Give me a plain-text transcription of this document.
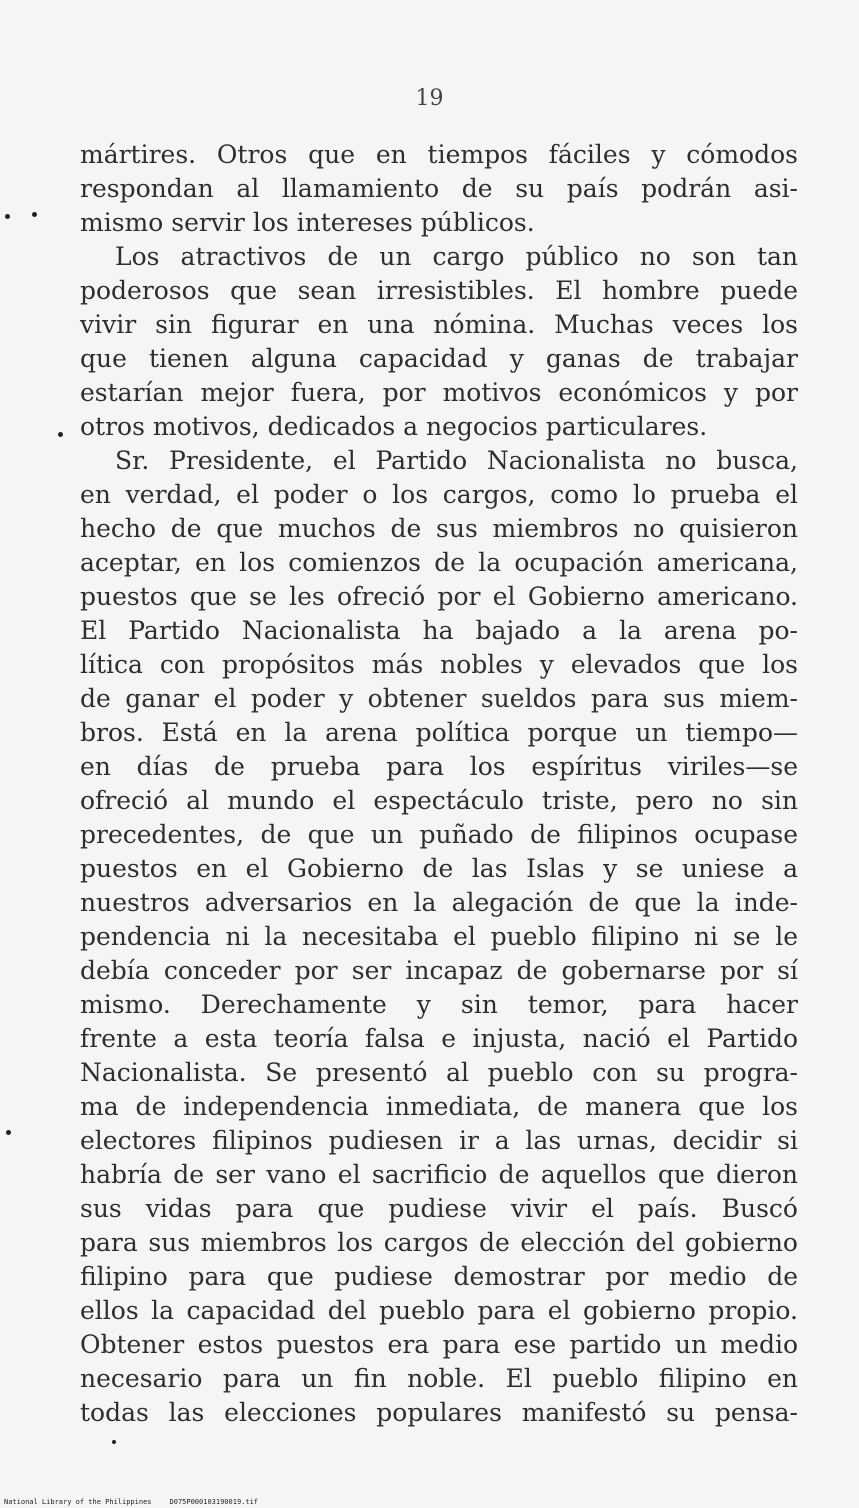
19
mártires. Otros que en tiempos fáciles y cómodos
respondan al llamamiento de su país podrán asi-
mismo servir los intereses públicos.
Los atractivos de un cargo público no son tan
poderosos que sean irresistibles. El hombre puede
vivir sin figurar en una nómina. Muchas veces los
que tienen alguna capacidad y ganas de trabajar
estarían mejor fuera, por motivos económicos y por
otros motivos, dedicados a negocios particulares.
Sr. Presidente, el Partido Nacionalista no busca,
en verdad, el poder o los cargos, como lo prueba el
hecho de que muchos de sus miembros no quisieron
aceptar, en los comienzos de la ocupación americana,
puestos que se les ofreció por el Gobierno americano.
El Partido Nacionalista ha bajado a la arena po-
lítica con propósitos más nobles y elevados que los
de ganar el poder y obtener sueldos para sus miem-
bros. Está en la arena política porque un tiempo—
en días de prueba para los espíritus viriles—se
ofreció al mundo el espectáculo triste, pero no sin
precedentes, de que un puñado de filipinos ocupase
puestos en el Gobierno de las Islas y se uniese a
nuestros adversarios en la alegación de que la inde-
pendencia ni la necesitaba el pueblo filipino ni se le
debía conceder por ser incapaz de gobernarse por sí
mismo. Derechamente y sin temor, para hacer
frente a esta teoría falsa e injusta, nació el Partido
Nacionalista. Se presentó al pueblo con su progra-
ma de independencia inmediata, de manera que los
electores filipinos pudiesen ir a las urnas, decidir si
habría de ser vano el sacrificio de aquellos que dieron
sus vidas para que pudiese vivir el país. Buscó
para sus miembros los cargos de elección del gobierno
filipino para que pudiese demostrar por medio de
ellos la capacidad del pueblo para el gobierno propio.
Obtener estos puestos era para ese partido un medio
necesario para un fin noble. El pueblo filipino en
todas las elecciones populares manifestó su pensa-
National Library of the Philippines	D075P000103190019.tif
